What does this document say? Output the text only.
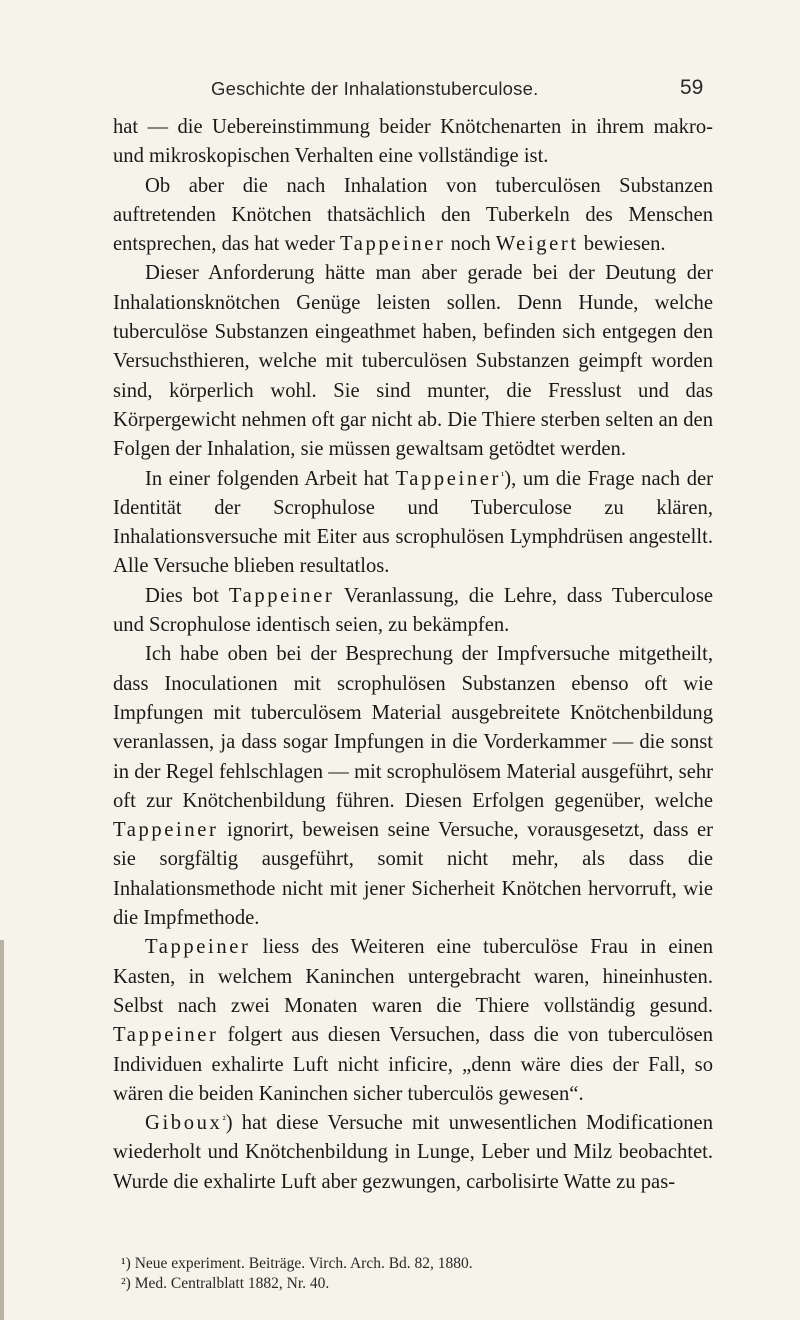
Geschichte der Inhalationstuberculose.	59

hat — die Uebereinstimmung beider Knötchenarten in ihrem makro- und mikroskopischen Verhalten eine vollständige ist.

Ob aber die nach Inhalation von tuberculösen Substanzen auftretenden Knötchen thatsächlich den Tuberkeln des Menschen entsprechen, das hat weder Tappeiner noch Weigert bewiesen.

Dieser Anforderung hätte man aber gerade bei der Deutung der Inhalationsknötchen Genüge leisten sollen. Denn Hunde, welche tuberculöse Substanzen eingeathmet haben, befinden sich entgegen den Versuchsthieren, welche mit tuberculösen Substanzen geimpft worden sind, körperlich wohl. Sie sind munter, die Fresslust und das Körpergewicht nehmen oft gar nicht ab. Die Thiere sterben selten an den Folgen der Inhalation, sie müssen gewaltsam getödtet werden.

In einer folgenden Arbeit hat Tappeiner$^{^1}$), um die Frage nach der Identität der Scrophulose und Tuberculose zu klären, Inhalationsversuche mit Eiter aus scrophulösen Lymphdrüsen angestellt. Alle Versuche blieben resultatlos.

Dies bot Tappeiner Veranlassung, die Lehre, dass Tuberculose und Scrophulose identisch seien, zu bekämpfen.

Ich habe oben bei der Besprechung der Impfversuche mitgetheilt, dass Inoculationen mit scrophulösen Substanzen ebenso oft wie Impfungen mit tuberculösem Material ausgebreitete Knötchenbildung veranlassen, ja dass sogar Impfungen in die Vorderkammer — die sonst in der Regel fehlschlagen — mit scrophulösem Material ausgeführt, sehr oft zur Knötchenbildung führen. Diesen Erfolgen gegenüber, welche Tappeiner ignorirt, beweisen seine Versuche, vorausgesetzt, dass er sie sorgfältig ausgeführt, somit nicht mehr, als dass die Inhalationsmethode nicht mit jener Sicherheit Knötchen hervorruft, wie die Impfmethode.

Tappeiner liess des Weiteren eine tuberculöse Frau in einen Kasten, in welchem Kaninchen untergebracht waren, hineinhusten. Selbst nach zwei Monaten waren die Thiere vollständig gesund. Tappeiner folgert aus diesen Versuchen, dass die von tuberculösen Individuen exhalirte Luft nicht inficire, „denn wäre dies der Fall, so wären die beiden Kaninchen sicher tuberculös gewesen“.

Giboux$^{^2}$) hat diese Versuche mit unwesentlichen Modificationen wiederholt und Knötchenbildung in Lunge, Leber und Milz beobachtet. Wurde die exhalirte Luft aber gezwungen, carbolisirte Watte zu pas-

¹) Neue experiment. Beiträge. Virch. Arch. Bd. 82, 1880.
²) Med. Centralblatt 1882, Nr. 40.
